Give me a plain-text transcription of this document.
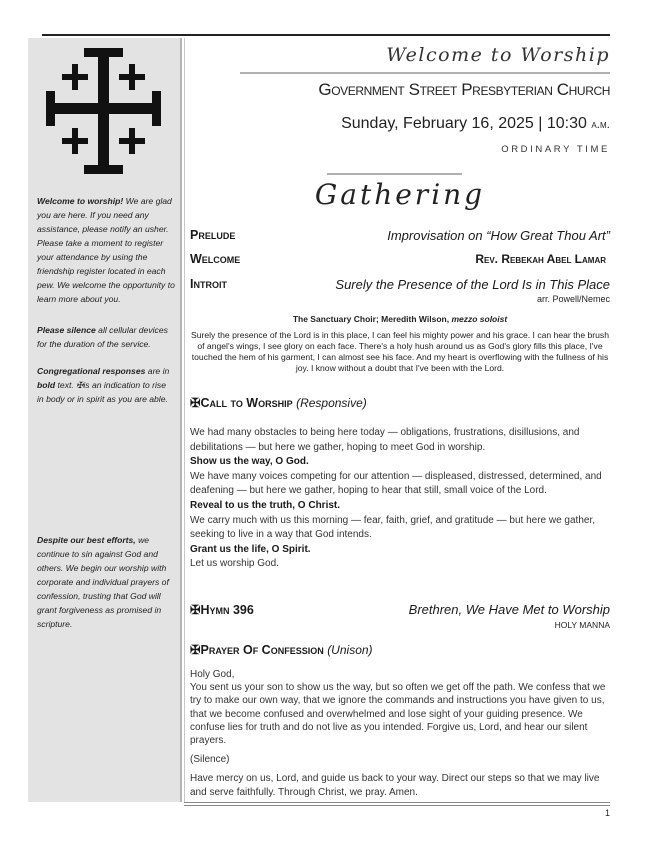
Welcome to worship! We are glad you are here. If you need any assistance, please notify an usher. Please take a moment to register your attendance by using the friendship register located in each pew. We welcome the opportunity to learn more about you.
Please silence all cellular devices for the duration of the service.
Congregational responses are in bold text. ✠is an indication to rise in body or in spirit as you are able.
Despite our best efforts, we continue to sin against God and others. We begin our worship with corporate and individual prayers of confession, trusting that God will grant forgiveness as promised in scripture.
Welcome to Worship
Government Street Presbyterian Church
Sunday, February 16, 2025 | 10:30 a.m.
ORDINARY TIME
Gathering
Prelude	Improvisation on “How Great Thou Art”
Welcome	Rev. Rebekah Abel Lamar
Introit	Surely the Presence of the Lord Is in This Place
arr. Powell/Nemec
The Sanctuary Choir; Meredith Wilson, mezzo soloist
Surely the presence of the Lord is in this place, I can feel his mighty power and his grace. I can hear the brush of angel's wings, I see glory on each face. There's a holy hush around us as God's glory fills this place, I've touched the hem of his garment, I can almost see his face. And my heart is overflowing with the fullness of his joy. I know without a doubt that I've been with the Lord.
✠Call to Worship (Responsive)

We had many obstacles to being here today — obligations, frustrations, disillusions, and debilitations — but here we gather, hoping to meet God in worship.

Show us the way, O God.

We have many voices competing for our attention — displeased, distressed, determined, and deafening — but here we gather, hoping to hear that still, small voice of the Lord.

Reveal to us the truth, O Christ.

We carry much with us this morning — fear, faith, grief, and gratitude — but here we gather, seeking to live in a way that God intends.

Grant us the life, O Spirit.

Let us worship God.

✠Hymn 396	Brethren, We Have Met to Worship
HOLY MANNA
✠Prayer Of Confession (Unison)

Holy God,

You sent us your son to show us the way, but so often we get off the path. We confess that we try to make our own way, that we ignore the commands and instructions you have given to us, that we become confused and overwhelmed and lose sight of your guiding presence. We confuse lies for truth and do not live as you intended. Forgive us, Lord, and hear our silent prayers.

(Silence)

Have mercy on us, Lord, and guide us back to your way. Direct our steps so that we may live and serve faithfully. Through Christ, we pray. Amen.

1
